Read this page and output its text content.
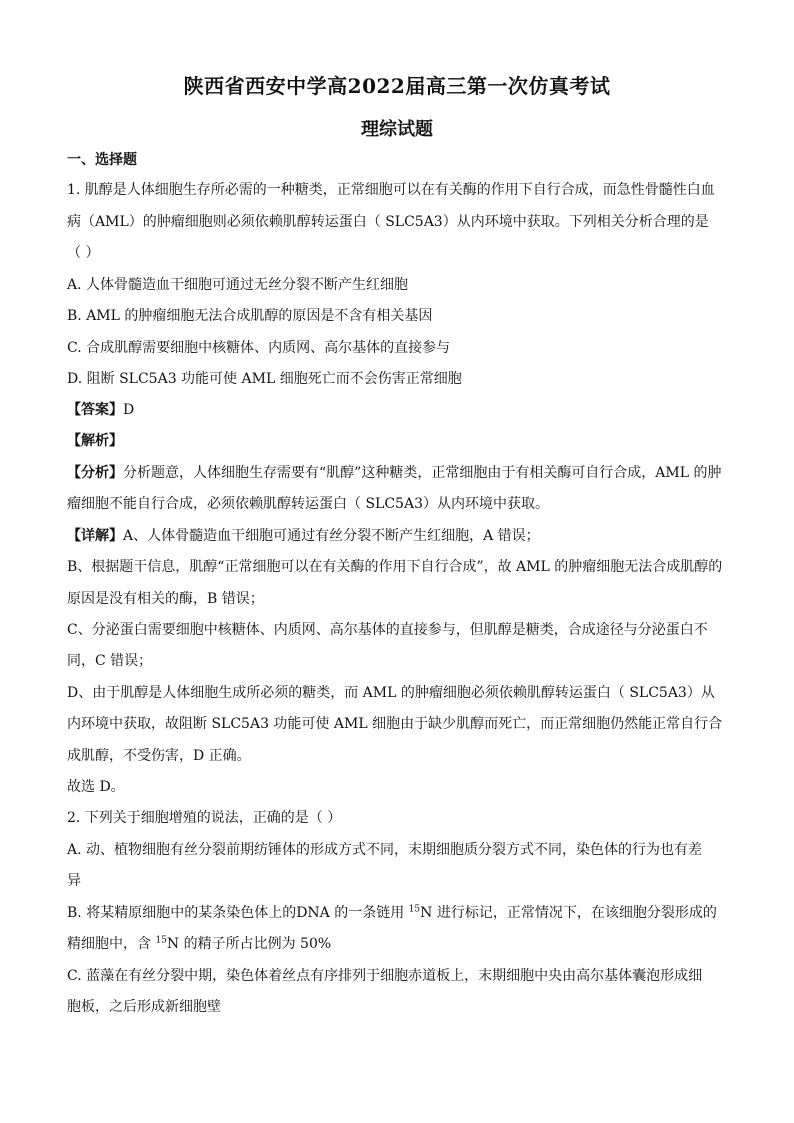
陕西省西安中学高2022届高三第一次仿真考试
理综试题
一、选择题
1. 肌醇是人体细胞生存所必需的一种糖类，正常细胞可以在有关酶的作用下自行合成，而急性骨髓性白血
病（AML）的肿瘤细胞则必须依赖肌醇转运蛋白（ SLC5A3）从内环境中获取。下列相关分析合理的是
（ ）
A. 人体骨髓造血干细胞可通过无丝分裂不断产生红细胞
B. AML 的肿瘤细胞无法合成肌醇的原因是不含有相关基因
C. 合成肌醇需要细胞中核糖体、内质网、高尔基体的直接参与
D. 阻断 SLC5A3 功能可使 AML 细胞死亡而不会伤害正常细胞
【答案】D
【解析】
【分析】分析题意，人体细胞生存需要有“肌醇”这种糖类，正常细胞由于有相关酶可自行合成，AML 的肿
瘤细胞不能自行合成，必须依赖肌醇转运蛋白（ SLC5A3）从内环境中获取。
【详解】A、人体骨髓造血干细胞可通过有丝分裂不断产生红细胞，A 错误；
B、根据题干信息，肌醇“正常细胞可以在有关酶的作用下自行合成”，故 AML 的肿瘤细胞无法合成肌醇的
原因是没有相关的酶，B 错误；
C、分泌蛋白需要细胞中核糖体、内质网、高尔基体的直接参与，但肌醇是糖类，合成途径与分泌蛋白不
同，C 错误；
D、由于肌醇是人体细胞生成所必须的糖类，而 AML 的肿瘤细胞必须依赖肌醇转运蛋白（ SLC5A3）从
内环境中获取，故阻断 SLC5A3 功能可使 AML 细胞由于缺少肌醇而死亡，而正常细胞仍然能正常自行合
成肌醇，不受伤害，D 正确。
故选 D。
2. 下列关于细胞增殖的说法，正确的是（ ）
A. 动、植物细胞有丝分裂前期纺锤体的形成方式不同，末期细胞质分裂方式不同，染色体的行为也有差
异
B. 将某精原细胞中的某条染色体上的DNA 的一条链用 $^{15}$N 进行标记，正常情况下，在该细胞分裂形成的
精细胞中，含 $^{15}$N 的精子所占比例为 50%
C. 蓝藻在有丝分裂中期，染色体着丝点有序排列于细胞赤道板上，末期细胞中央由高尔基体囊泡形成细
胞板，之后形成新细胞壁
